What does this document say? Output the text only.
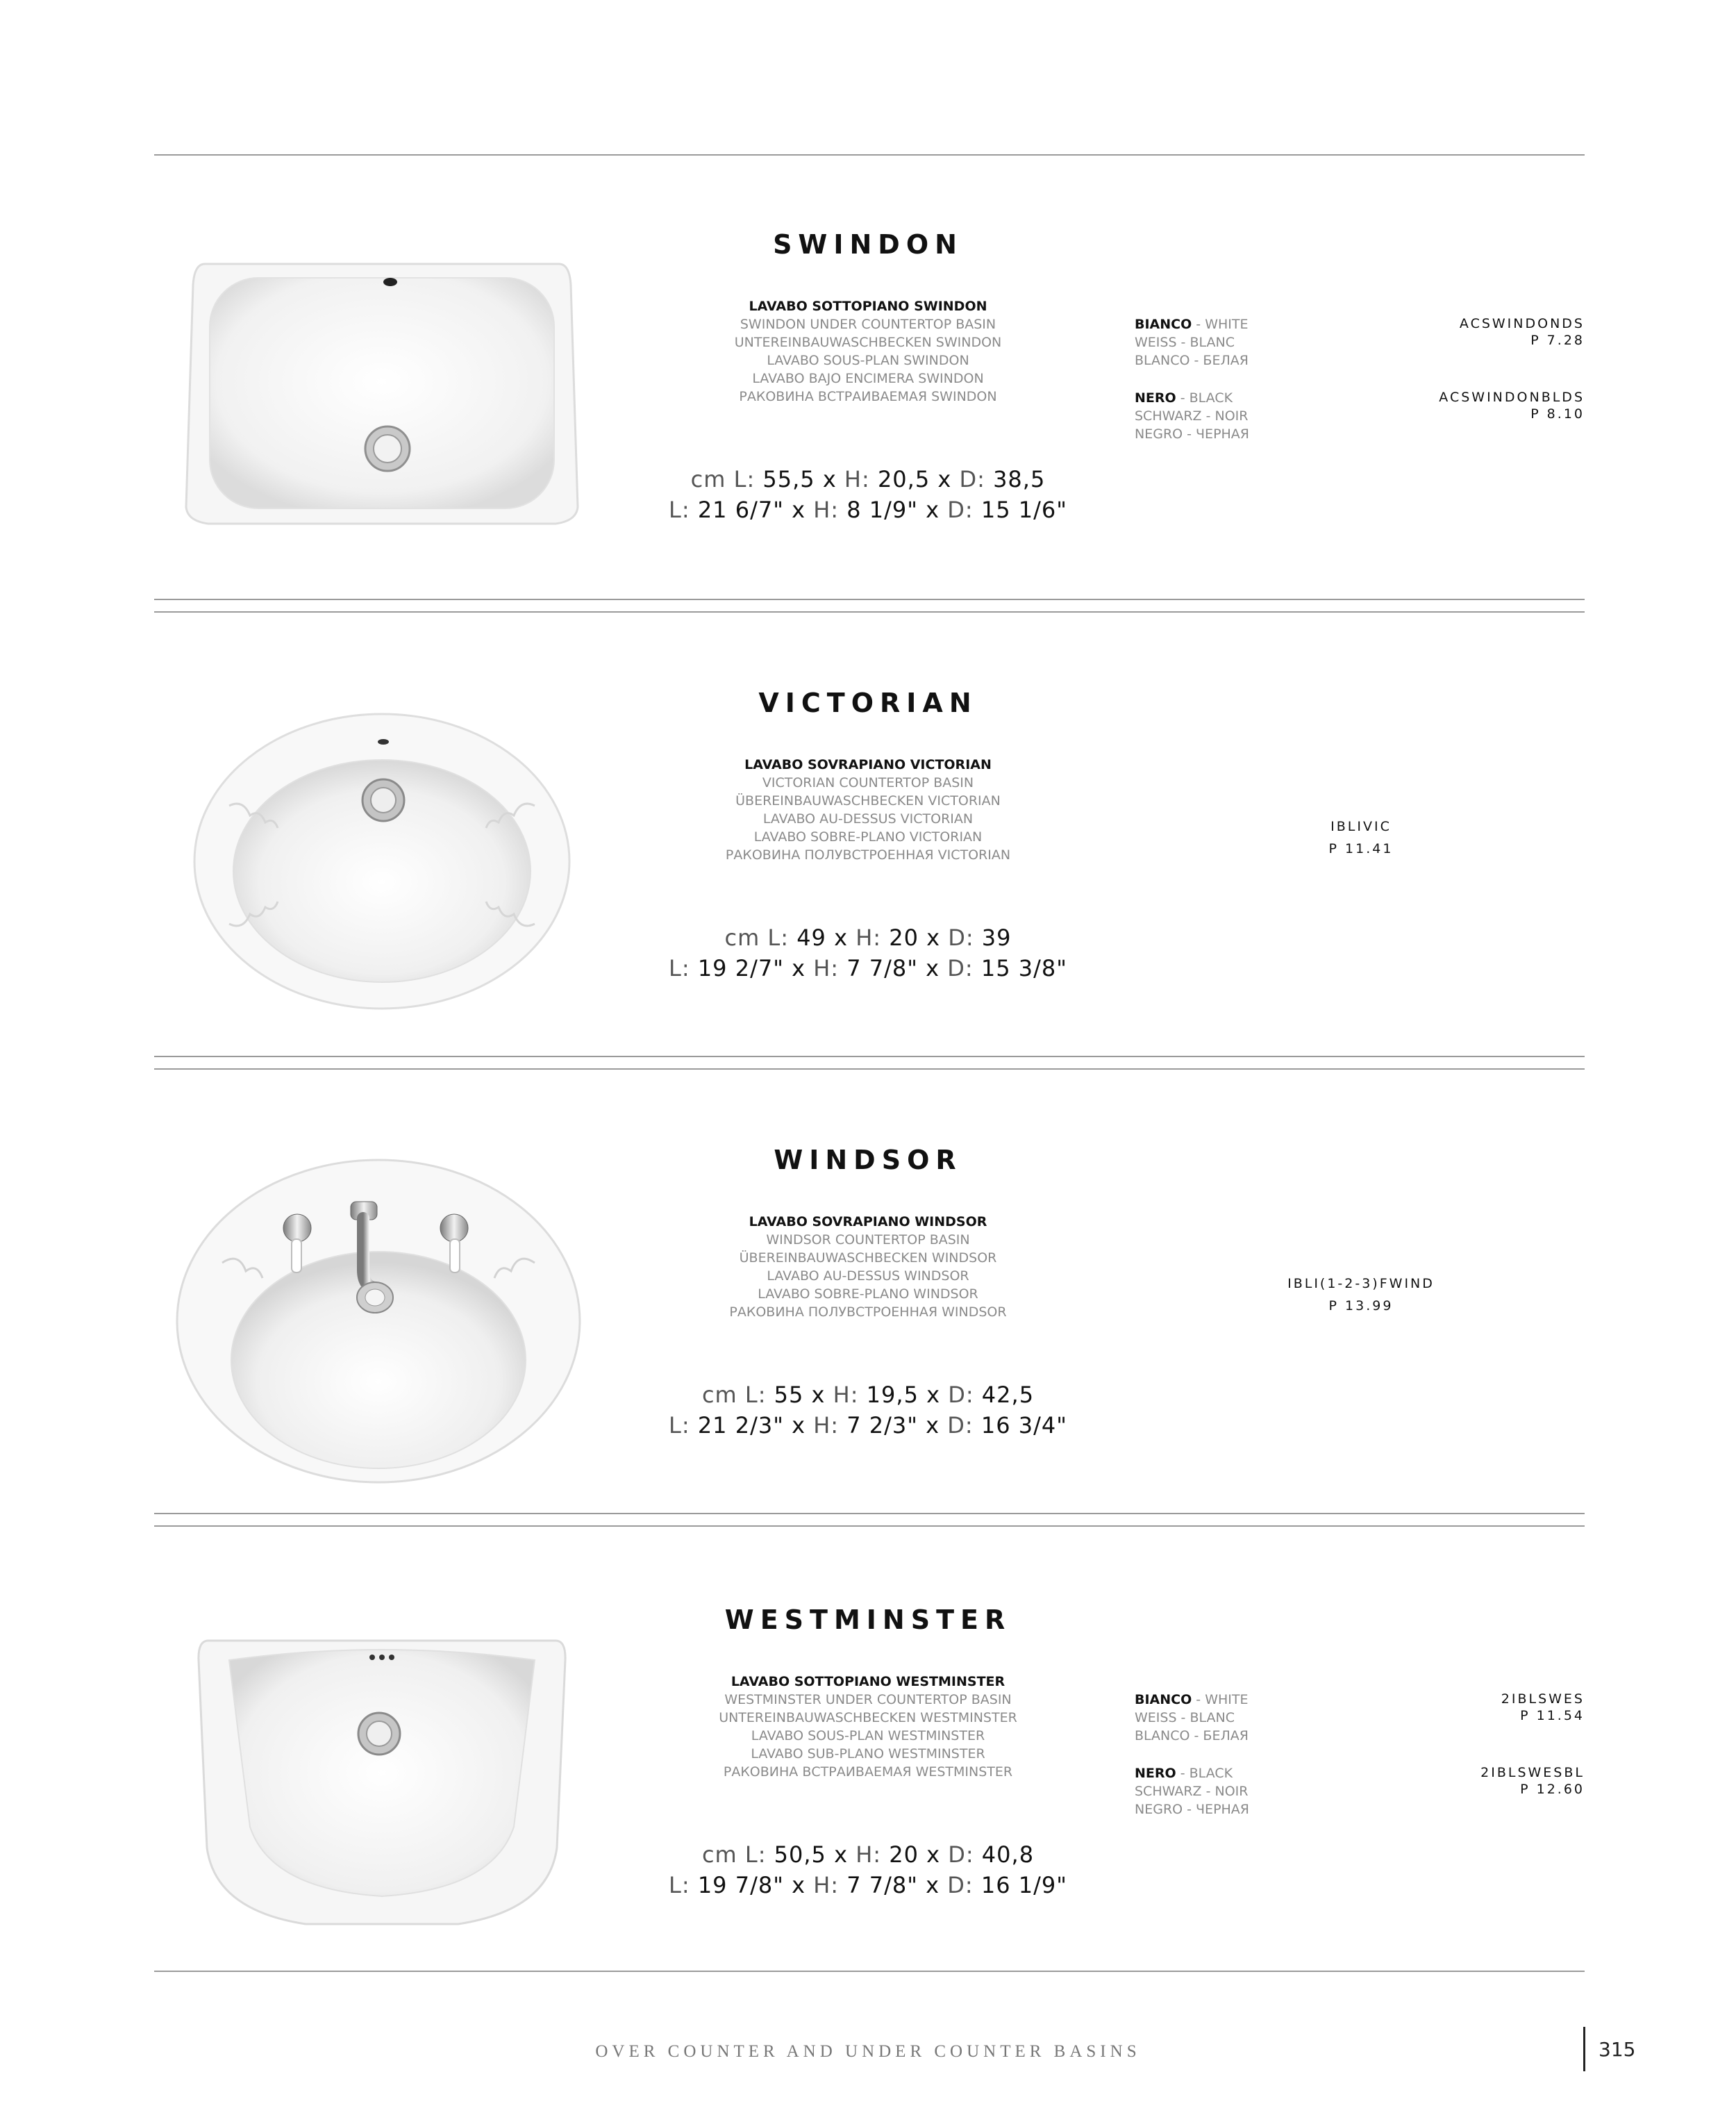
SWINDON
LAVABO SOTTOPIANO SWINDON
SWINDON UNDER COUNTERTOP BASIN
UNTEREINBAUWASCHBECKEN SWINDON
LAVABO SOUS-PLAN SWINDON
LAVABO BAJO ENCIMERA SWINDON
РАКОВИНА ВСТРАИВАЕМАЯ SWINDON
cm L: 55,5 x H: 20,5 x D: 38,5
L: 21 6/7" x H: 8 1/9" x D: 15 1/6"
BIANCO - WHITE
WEISS - BLANC
BLANCO - БЕЛАЯ
ACSWINDONDS
P 7.28
NERO - BLACK
SCHWARZ - NOIR
NEGRO - ЧЕРНАЯ
ACSWINDONBLDS
P 8.10
VICTORIAN
LAVABO SOVRAPIANO VICTORIAN
VICTORIAN COUNTERTOP BASIN
ÜBEREINBAUWASCHBECKEN VICTORIAN
LAVABO AU-DESSUS VICTORIAN
LAVABO SOBRE-PLANO VICTORIAN
РАКОВИНА ПОЛУВСТРОЕННАЯ VICTORIAN
cm L: 49 x H: 20 x D: 39
L: 19 2/7" x H: 7 7/8" x D: 15 3/8"
IBLIVIC
P 11.41
WINDSOR
LAVABO SOVRAPIANO WINDSOR
WINDSOR COUNTERTOP BASIN
ÜBEREINBAUWASCHBECKEN WINDSOR
LAVABO AU-DESSUS WINDSOR
LAVABO SOBRE-PLANO WINDSOR
РАКОВИНА ПОЛУВСТРОЕННАЯ WINDSOR
cm L: 55 x H: 19,5 x D: 42,5
L: 21 2/3" x H: 7 2/3" x D: 16 3/4"
IBLI(1-2-3)FWIND
P 13.99
WESTMINSTER
LAVABO SOTTOPIANO WESTMINSTER
WESTMINSTER UNDER COUNTERTOP BASIN
UNTEREINBAUWASCHBECKEN WESTMINSTER
LAVABO SOUS-PLAN WESTMINSTER
LAVABO SUB-PLANO WESTMINSTER
РАКОВИНА ВСТРАИВАЕМАЯ WESTMINSTER
cm L: 50,5 x H: 20 x D: 40,8
L: 19 7/8" x H: 7 7/8" x D: 16 1/9"
BIANCO - WHITE
WEISS - BLANC
BLANCO - БЕЛАЯ
2IBLSWES
P 11.54
NERO - BLACK
SCHWARZ - NOIR
NEGRO - ЧЕРНАЯ
2IBLSWESBL
P 12.60
OVER COUNTER AND UNDER COUNTER BASINS	315
